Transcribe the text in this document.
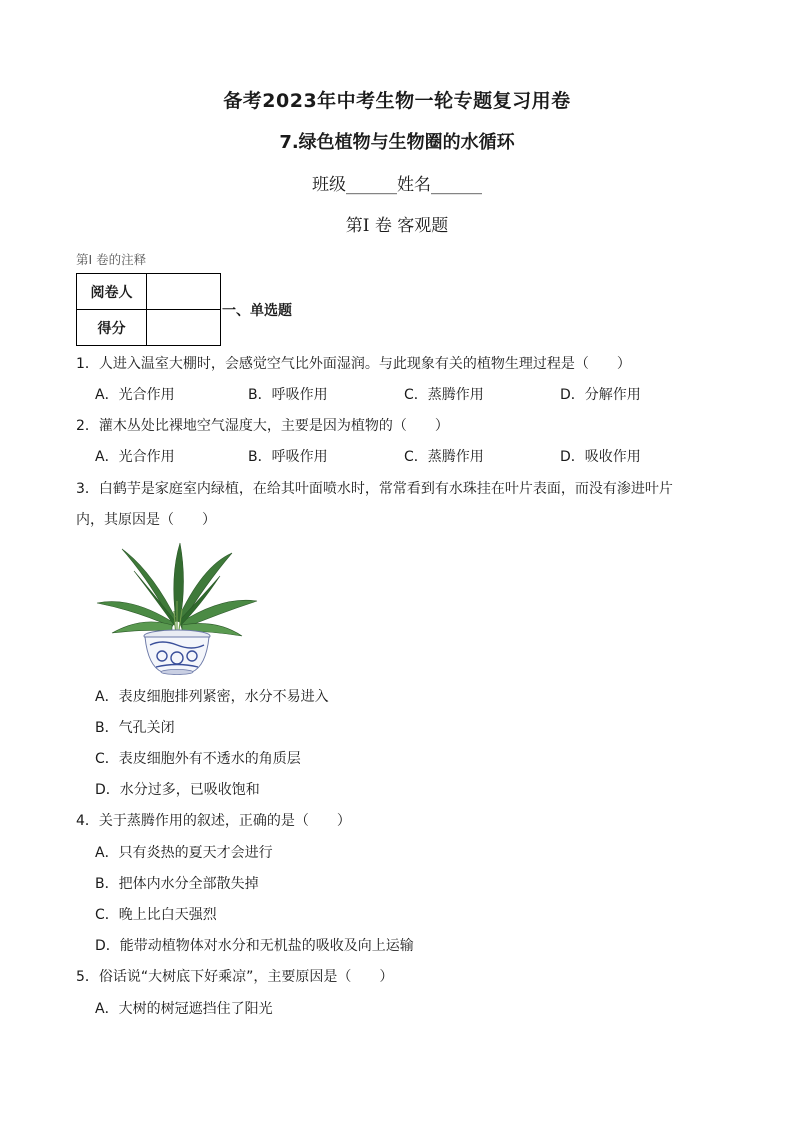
备考2023年中考生物一轮专题复习用卷
7.绿色植物与生物圈的水循环
班级______姓名______
第Ⅰ 卷 客观题
第Ⅰ 卷的注释
阅卷人	
得分	
一、单选题
1．人进入温室大棚时，会感觉空气比外面湿润。与此现象有关的植物生理过程是（　　）
A．光合作用	B．呼吸作用	C．蒸腾作用	D．分解作用
2．灌木丛处比裸地空气湿度大，主要是因为植物的（　　）
A．光合作用	B．呼吸作用	C．蒸腾作用	D．吸收作用
3．白鹤芋是家庭室内绿植，在给其叶面喷水时，常常看到有水珠挂在叶片表面，而没有渗进叶片
内，其原因是（　　）
A．表皮细胞排列紧密，水分不易进入
B．气孔关闭
C．表皮细胞外有不透水的角质层
D．水分过多，已吸收饱和
4．关于蒸腾作用的叙述，正确的是（　　）
A．只有炎热的夏天才会进行
B．把体内水分全部散失掉
C．晚上比白天强烈
D．能带动植物体对水分和无机盐的吸收及向上运输
5．俗话说“大树底下好乘凉”，主要原因是（　　）
A．大树的树冠遮挡住了阳光
